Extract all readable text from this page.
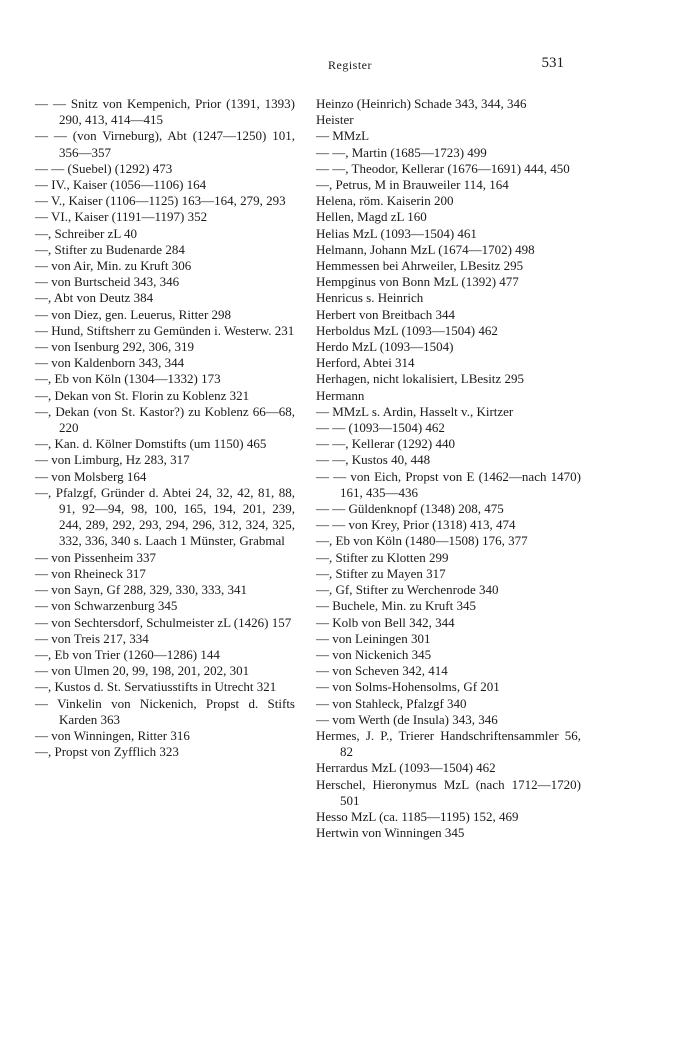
Register	531
— — Snitz von Kempenich, Prior (1391, 1393) 290, 413, 414—415
— — (von Virneburg), Abt (1247—1250) 101, 356—357
— — (Suebel) (1292) 473
— IV., Kaiser (1056—1106) 164
— V., Kaiser (1106—1125) 163—164, 279, 293
— VI., Kaiser (1191—1197) 352
—, Schreiber zL 40
—, Stifter zu Budenarde 284
— von Air, Min. zu Kruft 306
— von Burtscheid 343, 346
—, Abt von Deutz 384
— von Diez, gen. Leuerus, Ritter 298
— Hund, Stiftsherr zu Gemünden i. Westerw. 231
— von Isenburg 292, 306, 319
— von Kaldenborn 343, 344
—, Eb von Köln (1304—1332) 173
—, Dekan von St. Florin zu Koblenz 321
—, Dekan (von St. Kastor?) zu Koblenz 66—68, 220
—, Kan. d. Kölner Domstifts (um 1150) 465
— von Limburg, Hz 283, 317
— von Molsberg 164
—, Pfalzgf, Gründer d. Abtei 24, 32, 42, 81, 88, 91, 92—94, 98, 100, 165, 194, 201, 239, 244, 289, 292, 293, 294, 296, 312, 324, 325, 332, 336, 340 s. Laach 1 Münster, Grabmal
— von Pissenheim 337
— von Rheineck 317
— von Sayn, Gf 288, 329, 330, 333, 341
— von Schwarzenburg 345
— von Sechtersdorf, Schulmeister zL (1426) 157
— von Treis 217, 334
—, Eb von Trier (1260—1286) 144
— von Ulmen 20, 99, 198, 201, 202, 301
—, Kustos d. St. Servatiusstifts in Utrecht 321
— Vinkelin von Nickenich, Propst d. Stifts Karden 363
— von Winningen, Ritter 316
—, Propst von Zyfflich 323
Heinzo (Heinrich) Schade 343, 344, 346
Heister
— MMzL
— —, Martin (1685—1723) 499
— —, Theodor, Kellerar (1676—1691) 444, 450
—, Petrus, M in Brauweiler 114, 164
Helena, röm. Kaiserin 200
Hellen, Magd zL 160
Helias MzL (1093—1504) 461
Helmann, Johann MzL (1674—1702) 498
Hemmessen bei Ahrweiler, LBesitz 295
Hempginus von Bonn MzL (1392) 477
Henricus s. Heinrich
Herbert von Breitbach 344
Herboldus MzL (1093—1504) 462
Herdo MzL (1093—1504)
Herford, Abtei 314
Herhagen, nicht lokalisiert, LBesitz 295
Hermann
— MMzL s. Ardin, Hasselt v., Kirtzer
— — (1093—1504) 462
— —, Kellerar (1292) 440
— —, Kustos 40, 448
— — von Eich, Propst von E (1462—nach 1470) 161, 435—436
— — Güldenknopf (1348) 208, 475
— — von Krey, Prior (1318) 413, 474
—, Eb von Köln (1480—1508) 176, 377
—, Stifter zu Klotten 299
—, Stifter zu Mayen 317
—, Gf, Stifter zu Werchenrode 340
— Buchele, Min. zu Kruft 345
— Kolb von Bell 342, 344
— von Leiningen 301
— von Nickenich 345
— von Scheven 342, 414
— von Solms-Hohensolms, Gf 201
— von Stahleck, Pfalzgf 340
— vom Werth (de Insula) 343, 346
Hermes, J. P., Trierer Handschriftensammler 56, 82
Herrardus MzL (1093—1504) 462
Herschel, Hieronymus MzL (nach 1712—1720) 501
Hesso MzL (ca. 1185—1195) 152, 469
Hertwin von Winningen 345
